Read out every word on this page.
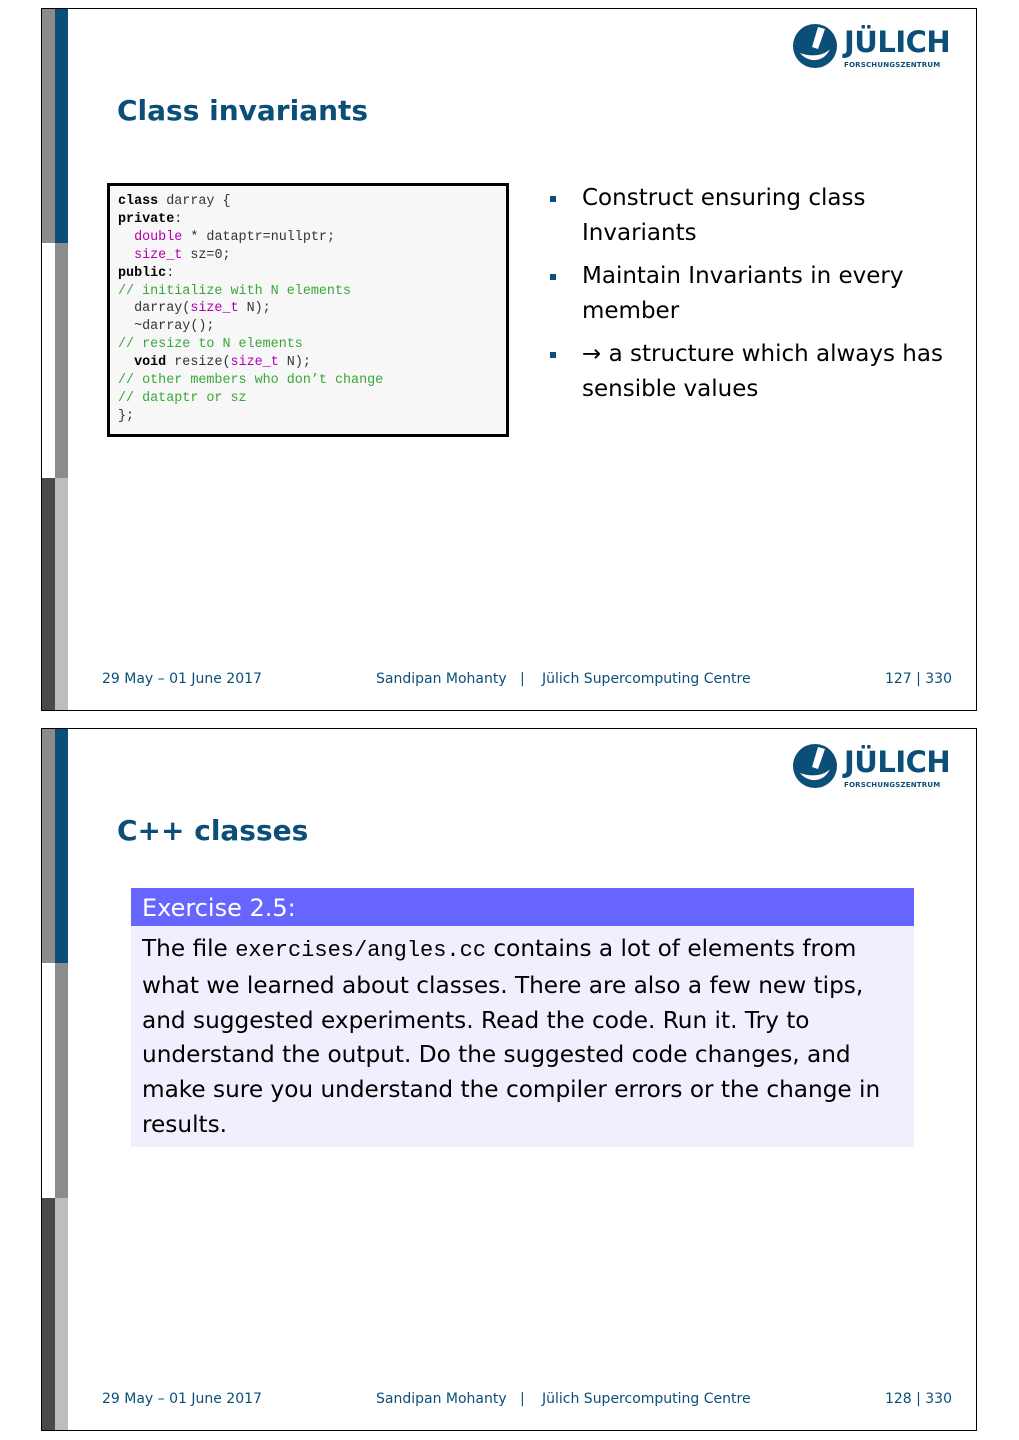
JÜLICH
FORSCHUNGSZENTRUM
Class invariants
class darray {
private:
double * dataptr=nullptr;
size_t sz=0;
public:
// initialize with N elements
darray(size_t N);
~darray();
// resize to N elements
void resize(size_t N);
// other members who don’t change
// dataptr or sz
};
Construct ensuring class Invariants
Maintain Invariants in every member
→ a structure which always has sensible values
29 May – 01 June 2017	Sandipan Mohanty | Jülich Supercomputing Centre	127 | 330
JÜLICH
FORSCHUNGSZENTRUM
C++ classes
Exercise 2.5:
The file exercises/angles.cc contains a lot of elements from what we learned about classes. There are also a few new tips, and suggested experiments. Read the code. Run it. Try to understand the output. Do the suggested code changes, and make sure you understand the compiler errors or the change in results.
29 May – 01 June 2017	Sandipan Mohanty | Jülich Supercomputing Centre	128 | 330
